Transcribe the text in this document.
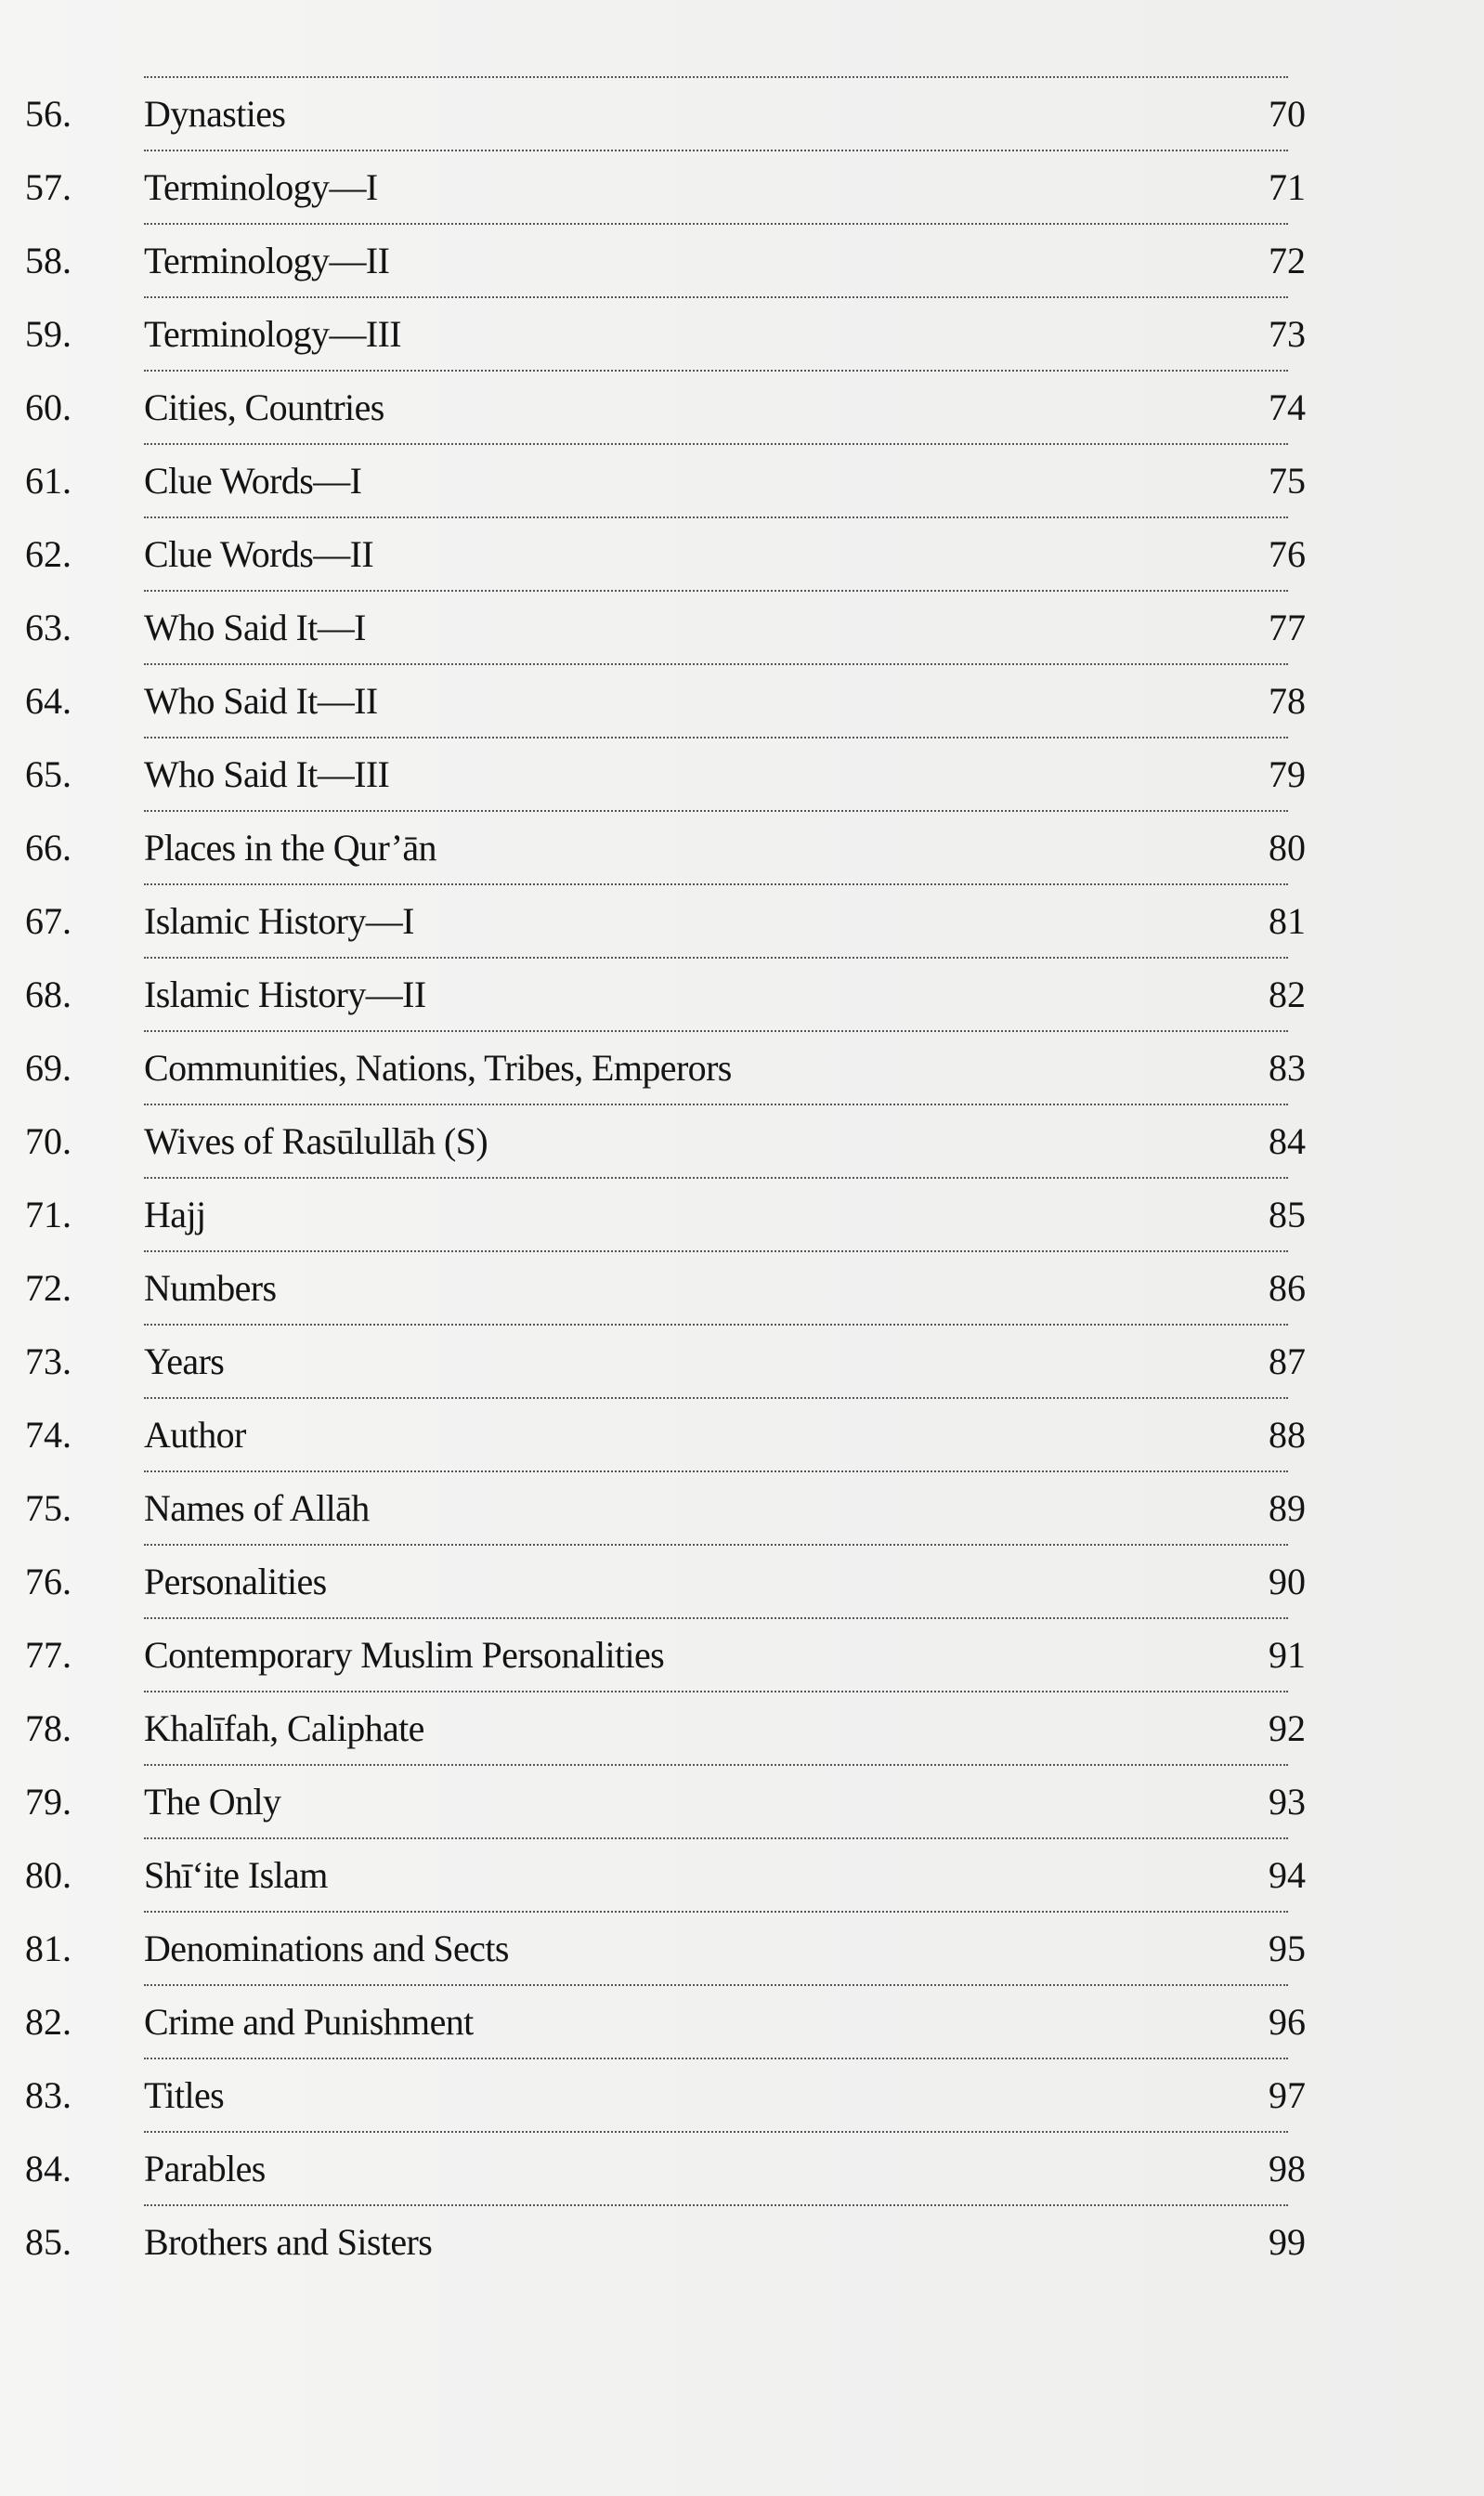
56. Dynasties	70
57. Terminology—I	71
58. Terminology—II	72
59. Terminology—III	73
60. Cities, Countries	74
61. Clue Words—I	75
62. Clue Words—II	76
63. Who Said It—I	77
64. Who Said It—II	78
65. Who Said It—III	79
66. Places in the Qur’ān	80
67. Islamic History—I	81
68. Islamic History—II	82
69. Communities, Nations, Tribes, Emperors	83
70. Wives of Rasūlullāh (S)	84
71. Hajj	85
72. Numbers	86
73. Years	87
74. Author	88
75. Names of Allāh	89
76. Personalities	90
77. Contemporary Muslim Personalities	91
78. Khalīfah, Caliphate	92
79. The Only	93
80. Shī‘ite Islam	94
81. Denominations and Sects	95
82. Crime and Punishment	96
83. Titles	97
84. Parables	98
85. Brothers and Sisters	99
